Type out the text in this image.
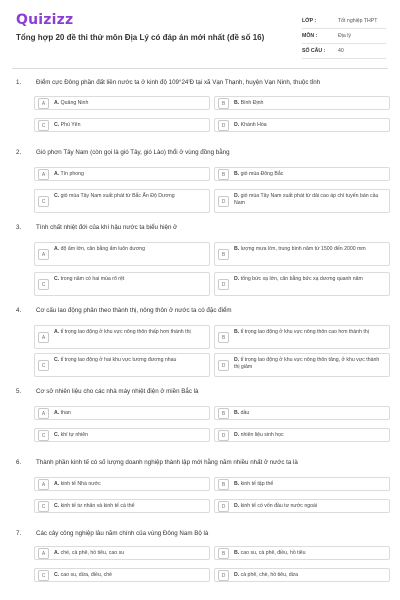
Quizizz
Tổng hợp 20 đề thi thử môn Địa Lý có đáp án mới nhất (đề số 16)
LỚP :	Tốt nghiệp THPT
MÔN :	Địa lý
SỐ CÂU : 40
1.	Điểm cực Đông phần đất liền nước ta ở kinh độ 109°24'Đ tại xã Vạn Thạnh, huyện Vạn Ninh, thuộc tỉnh
2.	Gió phơn Tây Nam (còn gọi là gió Tây, gió Lào) thổi ở vùng đồng bằng
3.	Tính chất nhiệt đới của khí hậu nước ta biểu hiện ở
4.	Cơ cấu lao động phân theo thành thị, nông thôn ở nước ta có đặc điểm
5.	Cơ sở nhiên liệu cho các nhà máy nhiệt điện ở miền Bắc là
6.	Thành phần kinh tế có số lượng doanh nghiệp thành lập mới hằng năm nhiều nhất ở nước ta là
7.	Các cây công nghiệp lâu năm chính của vùng Đông Nam Bộ là
A	A. Quảng Ninh	B	B. Bình Định
C	C. Phú Yên	D	D. Khánh Hòa
A	A. Tín phong	B	B. gió mùa Đông Bắc
C
C. gió mùa Tây Nam xuất phát từ Bắc Ấn Độ Dương
D
D. gió mùa Tây Nam xuất phát từ dải cao áp chí tuyến bán cầu Nam
A
A. độ ẩm lớn, cân bằng ẩm luôn dương
B
B. lượng mưa lớn, trung bình năm từ 1500 đến 2000 mm
C
C. trong năm có hai mùa rõ rệt
D
D. tổng bức xạ lớn, cân bằng bức xạ dương quanh năm
A
A. tỉ trọng lao động ở khu vực nông thôn thấp hơn thành thị
B
B. tỉ trọng lao động ở khu vực nông thôn cao hơn thành thị
C
C. tỉ trọng lao động ở hai khu vực tương đương nhau
D
D. tỉ trọng lao động ở khu vực nông thôn tăng, ở khu vực thành thị giảm
A	A. than	B	B. dầu
C	C. khí tự nhiên	D	D. nhiên liệu sinh học
A	A. kinh tế Nhà nước	B	B. kinh tế tập thể
C	C. kinh tế tư nhân và kinh tế cá thể	D	D. kinh tế có vốn đầu tư nước ngoài
A	A. chè, cà phê, hồ tiêu, cao su	B	B. cao su, cà phê, điều, hồ tiêu
C	C. cao su, dừa, điều, chè	D	D. cà phê, chè, hồ tiêu, dừa
